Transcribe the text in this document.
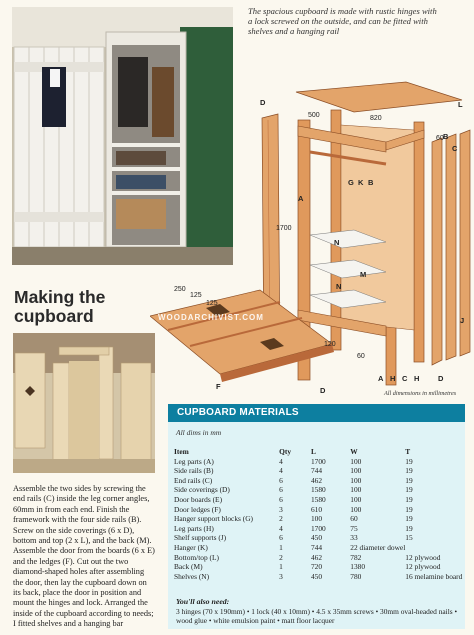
The spacious cupboard is made with rustic hinges with a lock screwed on the outside, and can be fitted with shelves and a hanging rail
D	L
B
C
G K B
A
N
M
N
J
A H C H D
500	820
60
1700
250
125
125
D
F
120
60
All dimensions in millimetres
Making the
cupboard	WOODARCHIVIST.COM
Assemble the two sides by screwing the end rails (C) inside the leg corner angles, 60mm in from each end. Finish the framework with the four side rails (B). Screw on the side coverings (6 x D), bottom and top (2 x L), and the back (M). Assemble the door from the boards (6 x E) and the ledges (F). Cut out the two diamond-shaped holes after assembling the door, then lay the cupboard down on its back, place the door in position and mount the hinges and lock. Arranged the inside of the cupboard according to needs; I fitted shelves and a hanging bar
CUPBOARD MATERIALS
All dims in mm
Item	Qty	L	W	T
Leg parts (A)	4	1700	100	19
Side rails (B)	4	744	100	19
End rails (C)	6	462	100	19
Side coverings (D)	6	1580	100	19
Door boards (E)	6	1580	100	19
Door ledges (F)	3	610	100	19
Hanger support blocks (G)	2	100	60	19
Leg parts (H)	4	1700	75	19
Shelf supports (J)	6	450	33	15
Hanger (K)	1	744	22 diameter dowel	
Bottom/top (L)	2	462	782	12 plywood
Back (M)	1	720	1380	12 plywood
Shelves (N)	3	450	780	16 melamine board
You'll also need:
3 hinges (70 x 190mm) • 1 lock (40 x 10mm) • 4.5 x 35mm screws • 30mm oval-headed nails • wood glue • white emulsion paint • matt floor lacquer
